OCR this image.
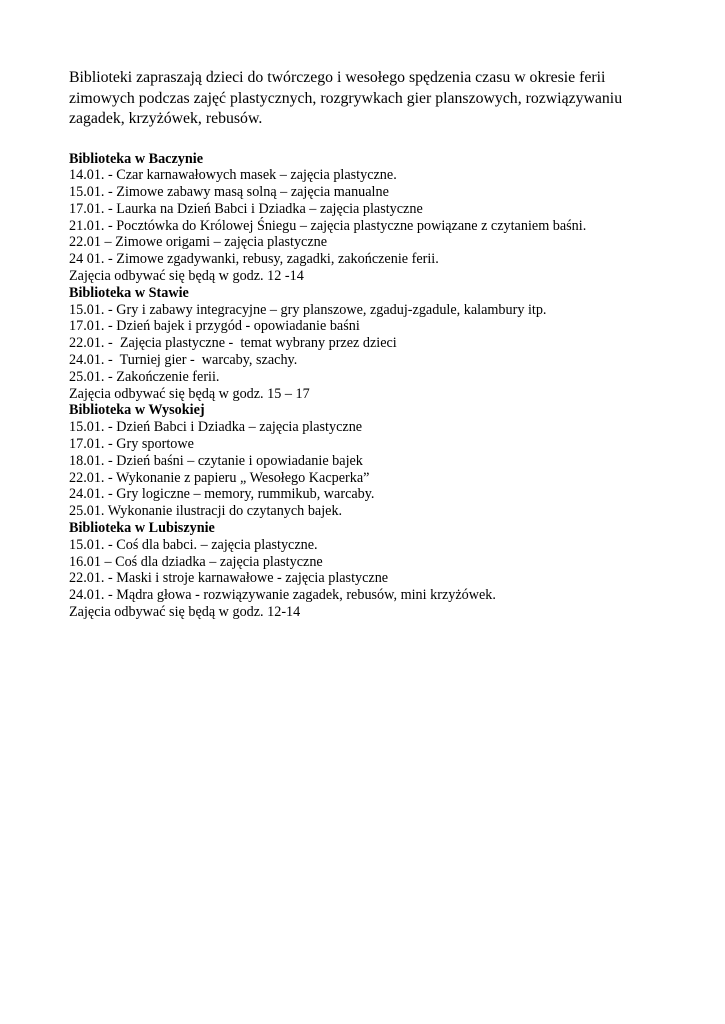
Biblioteki zapraszają dzieci do twórczego i wesołego spędzenia czasu w okresie ferii
zimowych podczas zajęć plastycznych, rozgrywkach gier planszowych, rozwiązywaniu
zagadek, krzyżówek, rebusów.

Biblioteka w Baczynie
14.01. - Czar karnawałowych masek – zajęcia plastyczne.
15.01. - Zimowe zabawy masą solną – zajęcia manualne
17.01. - Laurka na Dzień Babci i Dziadka – zajęcia plastyczne
21.01. - Pocztówka do Królowej Śniegu – zajęcia plastyczne powiązane z czytaniem baśni.
22.01 – Zimowe origami – zajęcia plastyczne
24 01. - Zimowe zgadywanki, rebusy, zagadki, zakończenie ferii.
Zajęcia odbywać się będą w godz. 12 -14
Biblioteka w Stawie
15.01. - Gry i zabawy integracyjne – gry planszowe, zgaduj-zgadule, kalambury itp.
17.01. - Dzień bajek i przygód - opowiadanie baśni
22.01. -  Zajęcia plastyczne -  temat wybrany przez dzieci
24.01. -  Turniej gier -  warcaby, szachy.
25.01. - Zakończenie ferii.
Zajęcia odbywać się będą w godz. 15 – 17
Biblioteka w Wysokiej
15.01. - Dzień Babci i Dziadka – zajęcia plastyczne
17.01. - Gry sportowe
18.01. - Dzień baśni – czytanie i opowiadanie bajek
22.01. - Wykonanie z papieru „ Wesołego Kacperka”
24.01. - Gry logiczne – memory, rummikub, warcaby.
25.01. Wykonanie ilustracji do czytanych bajek.
Biblioteka w Lubiszynie
15.01. - Coś dla babci. – zajęcia plastyczne.
16.01 – Coś dla dziadka – zajęcia plastyczne
22.01. - Maski i stroje karnawałowe - zajęcia plastyczne
24.01. - Mądra głowa - rozwiązywanie zagadek, rebusów, mini krzyżówek.
Zajęcia odbywać się będą w godz. 12-14
